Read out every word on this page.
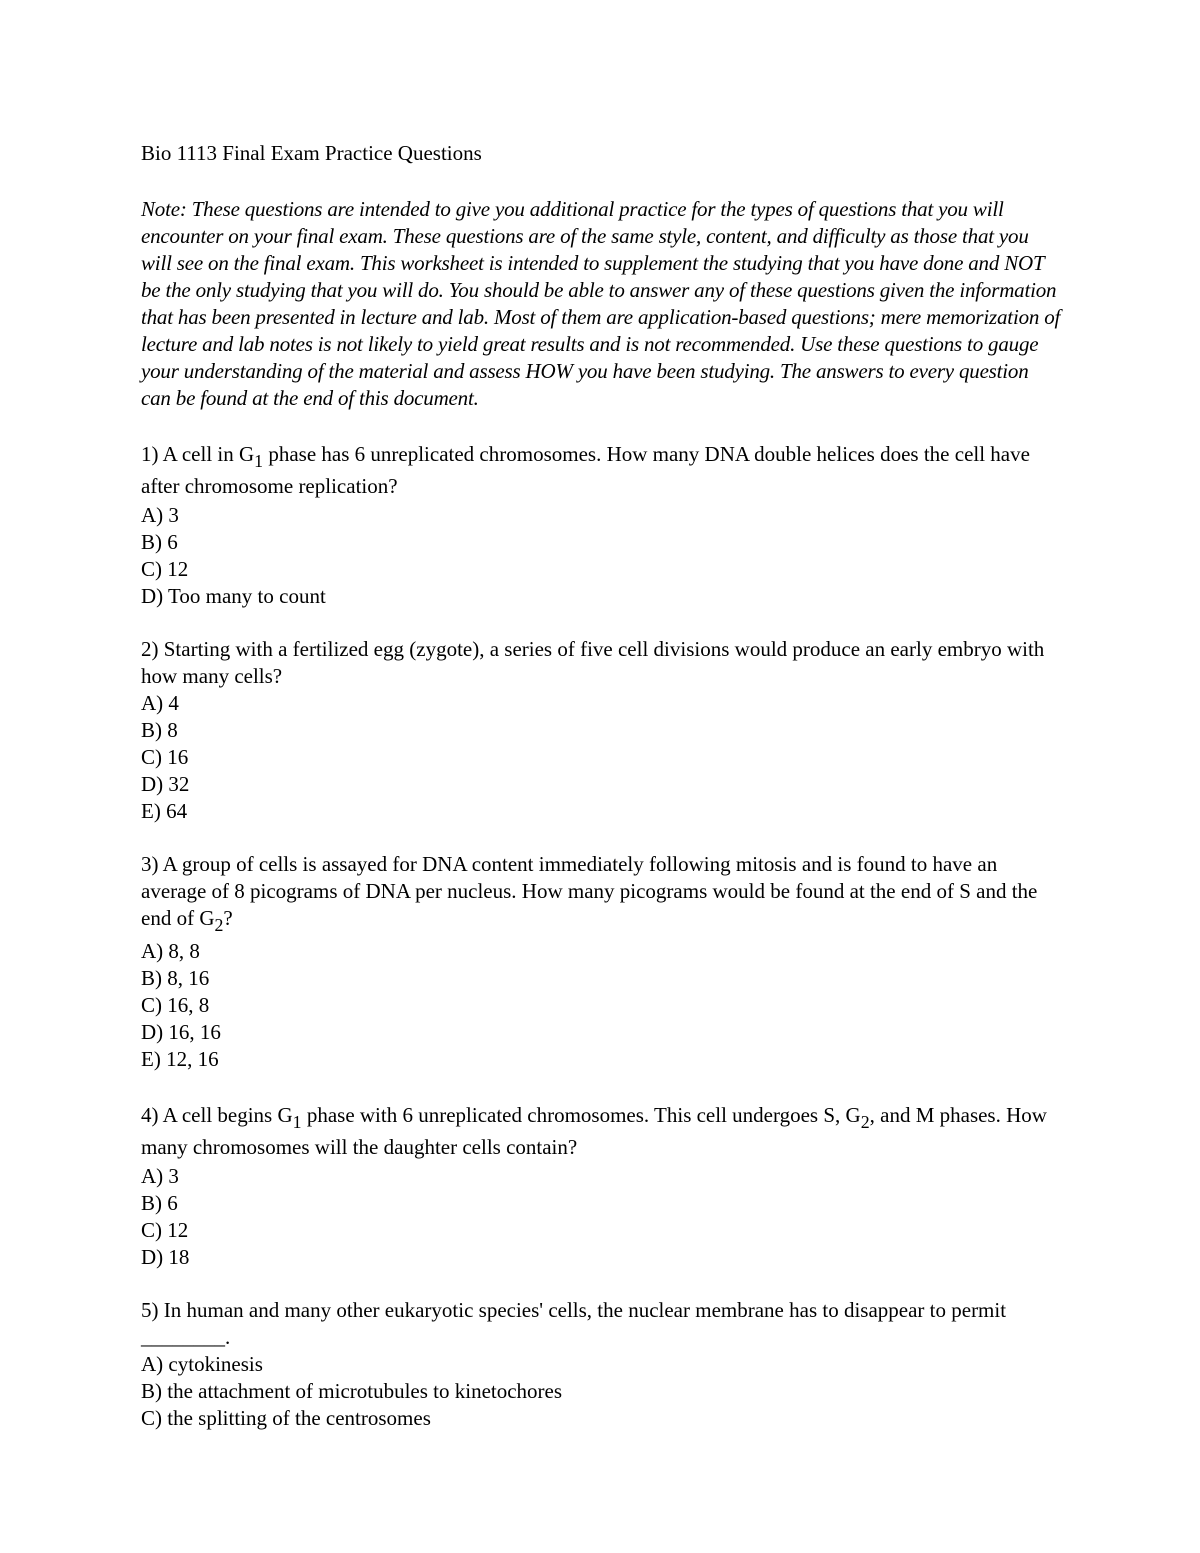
Bio 1113 Final Exam Practice Questions

Note: These questions are intended to give you additional practice for the types of questions that you will encounter on your final exam. These questions are of the same style, content, and difficulty as those that you will see on the final exam. This worksheet is intended to supplement the studying that you have done and NOT be the only studying that you will do. You should be able to answer any of these questions given the information that has been presented in lecture and lab. Most of them are application-based questions; mere memorization of lecture and lab notes is not likely to yield great results and is not recommended. Use these questions to gauge your understanding of the material and assess HOW you have been studying. The answers to every question can be found at the end of this document.

1) A cell in G1 phase has 6 unreplicated chromosomes. How many DNA double helices does the cell have after chromosome replication?

A) 3
B) 6
C) 12
D) Too many to count

2) Starting with a fertilized egg (zygote), a series of five cell divisions would produce an early embryo with how many cells?

A) 4
B) 8
C) 16
D) 32
E) 64

3) A group of cells is assayed for DNA content immediately following mitosis and is found to have an average of 8 picograms of DNA per nucleus. How many picograms would be found at the end of S and the end of G2?

A) 8, 8
B) 8, 16
C) 16, 8
D) 16, 16
E) 12, 16

4) A cell begins G1 phase with 6 unreplicated chromosomes. This cell undergoes S, G2, and M phases. How many chromosomes will the daughter cells contain?

A) 3
B) 6
C) 12
D) 18

5) In human and many other eukaryotic species' cells, the nuclear membrane has to disappear to permit ________.

A) cytokinesis
B) the attachment of microtubules to kinetochores
C) the splitting of the centrosomes
